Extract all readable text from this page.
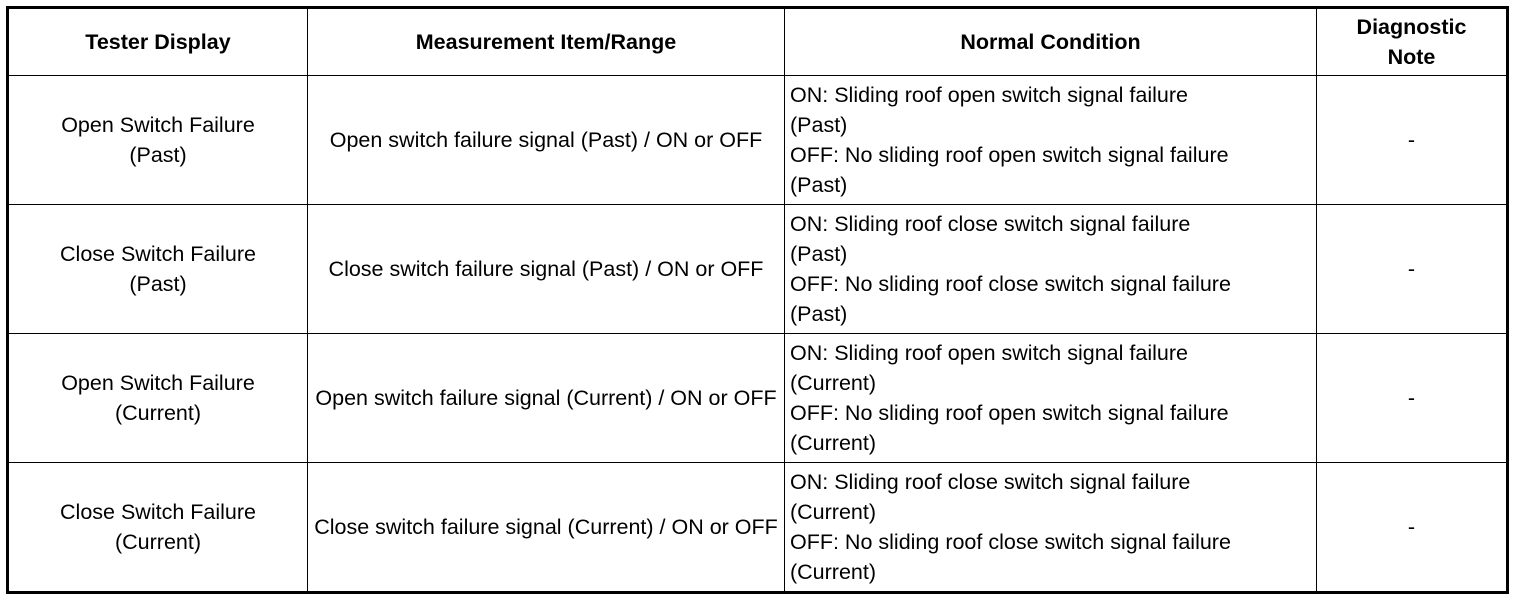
Tester Display	Measurement Item/Range	Normal Condition	Diagnostic Note

Open Switch Failure
(Past)	Open switch failure signal (Past) / ON or OFF	ON: Sliding roof open switch signal failure
(Past)
OFF: No sliding roof open switch signal failure
(Past)	-

Close Switch Failure
(Past)	Close switch failure signal (Past) / ON or OFF	ON: Sliding roof close switch signal failure
(Past)
OFF: No sliding roof close switch signal failure
(Past)	-

Open Switch Failure
(Current)	Open switch failure signal (Current) / ON or OFF	ON: Sliding roof open switch signal failure
(Current)
OFF: No sliding roof open switch signal failure
(Current)	-

Close Switch Failure
(Current)	Close switch failure signal (Current) / ON or OFF	ON: Sliding roof close switch signal failure
(Current)
OFF: No sliding roof close switch signal failure
(Current)	-
